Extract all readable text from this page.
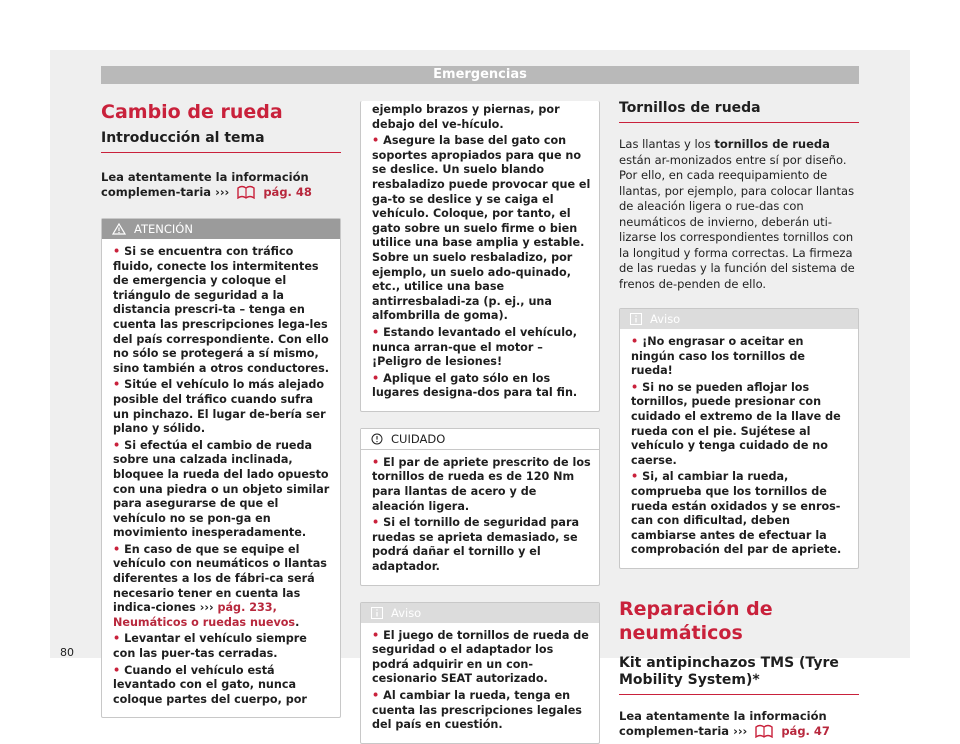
Emergencias
Cambio de rueda
Introducción al tema
Lea atentamente la información complemen-taria ›››	pág. 48
ATENCIÓN
• Si se encuentra con tráfico fluido, conecte los intermitentes de emergencia y coloque el triángulo de seguridad a la distancia prescri-ta – tenga en cuenta las prescripciones lega-les del país correspondiente. Con ello no sólo se protegerá a sí mismo, sino también a otros conductores.
• Sitúe el vehículo lo más alejado posible del tráfico cuando sufra un pinchazo. El lugar de-bería ser plano y sólido.
• Si efectúa el cambio de rueda sobre una calzada inclinada, bloquee la rueda del lado opuesto con una piedra o un objeto similar para asegurarse de que el vehículo no se pon-ga en movimiento inesperadamente.
• En caso de que se equipe el vehículo con neumáticos o llantas diferentes a los de fábri-ca será necesario tener en cuenta las indica-ciones ››› pág. 233, Neumáticos o ruedas nuevos.
• Levantar el vehículo siempre con las puer-tas cerradas.
• Cuando el vehículo está levantado con el gato, nunca coloque partes del cuerpo, por
ejemplo brazos y piernas, por debajo del ve-hículo.
• Asegure la base del gato con soportes apropiados para que no se deslice. Un suelo blando resbaladizo puede provocar que el ga-to se deslice y se caiga el vehículo. Coloque, por tanto, el gato sobre un suelo firme o bien utilice una base amplia y estable. Sobre un suelo resbaladizo, por ejemplo, un suelo ado-quinado, etc., utilice una base antirresbaladi-za (p. ej., una alfombrilla de goma).
• Estando levantado el vehículo, nunca arran-que el motor – ¡Peligro de lesiones!
• Aplique el gato sólo en los lugares designa-dos para tal fin.
CUIDADO
• El par de apriete prescrito de los tornillos de rueda es de 120 Nm para llantas de acero y de aleación ligera.
• Si el tornillo de seguridad para ruedas se aprieta demasiado, se podrá dañar el tornillo y el adaptador.
Aviso
• El juego de tornillos de rueda de seguridad o el adaptador los podrá adquirir en un con-cesionario SEAT autorizado.
• Al cambiar la rueda, tenga en cuenta las prescripciones legales del país en cuestión.
Tornillos de rueda
Las llantas y los tornillos de rueda están ar-monizados entre sí por diseño. Por ello, en cada reequipamiento de llantas, por ejemplo, para colocar llantas de aleación ligera o rue-das con neumáticos de invierno, deberán uti-lizarse los correspondientes tornillos con la longitud y forma correctas. La firmeza de las ruedas y la función del sistema de frenos de-penden de ello.
Aviso
• ¡No engrasar o aceitar en ningún caso los tornillos de rueda!
• Si no se pueden aflojar los tornillos, puede presionar con cuidado el extremo de la llave de rueda con el pie. Sujétese al vehículo y tenga cuidado de no caerse.
• Si, al cambiar la rueda, comprueba que los tornillos de rueda están oxidados y se enros-can con dificultad, deben cambiarse antes de efectuar la comprobación del par de apriete.
Reparación de neumáticos
Kit antipinchazos TMS (Tyre Mobility System)*
Lea atentamente la información complemen-taria ›››	pág. 47
80
